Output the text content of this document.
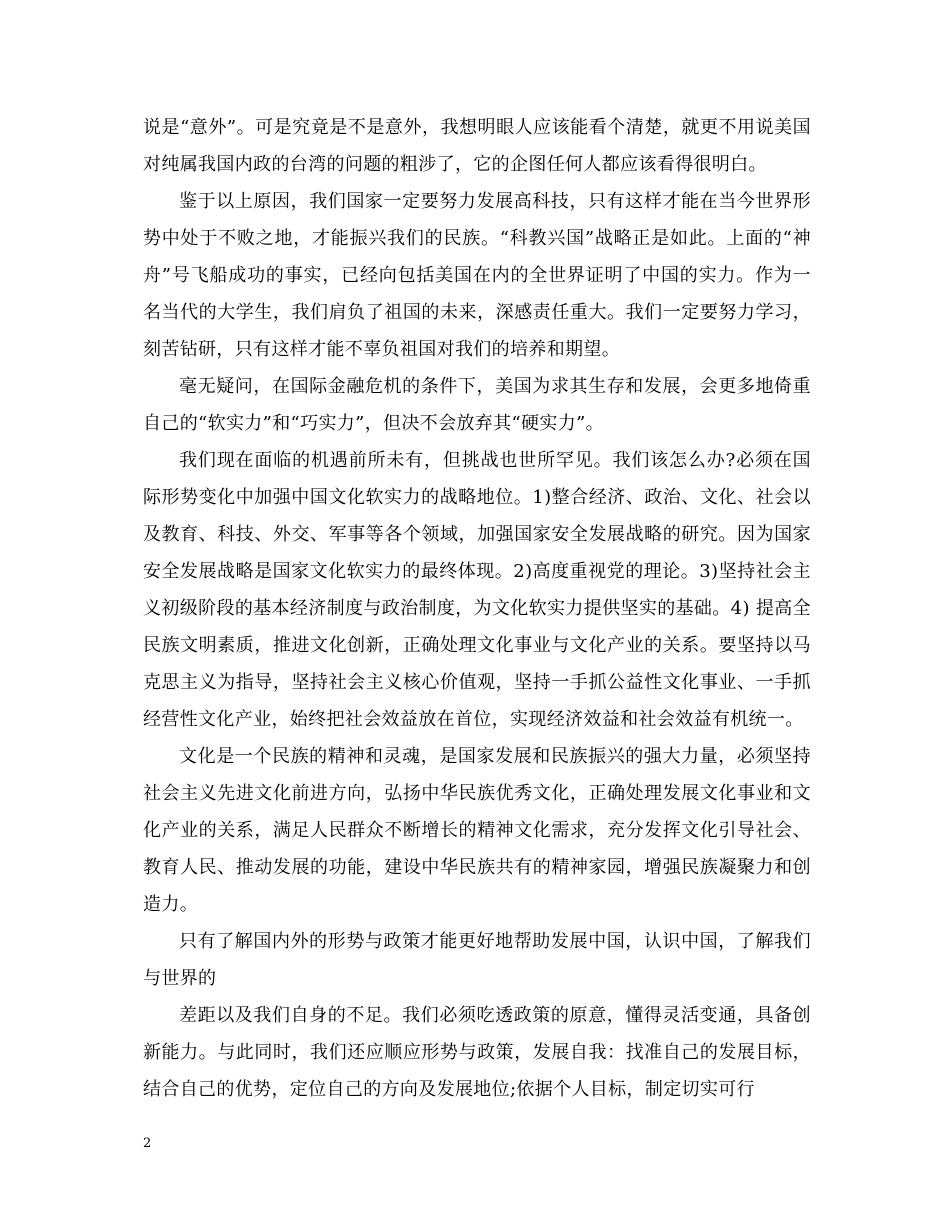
说是“意外”。可是究竟是不是意外，我想明眼人应该能看个清楚，就更不用说美国对纯属我国内政的台湾的问题的粗涉了，它的企图任何人都应该看得很明白。

鉴于以上原因，我们国家一定要努力发展高科技，只有这样才能在当今世界形势中处于不败之地，才能振兴我们的民族。“科教兴国”战略正是如此。上面的“神舟”号飞船成功的事实，已经向包括美国在内的全世界证明了中国的实力。作为一名当代的大学生，我们肩负了祖国的未来，深感责任重大。我们一定要努力学习，刻苦钻研，只有这样才能不辜负祖国对我们的培养和期望。

毫无疑问，在国际金融危机的条件下，美国为求其生存和发展，会更多地倚重自己的“软实力”和“巧实力”，但决不会放弃其“硬实力”。

我们现在面临的机遇前所未有，但挑战也世所罕见。我们该怎么办?必须在国际形势变化中加强中国文化软实力的战略地位。1)整合经济、政治、文化、社会以及教育、科技、外交、军事等各个领域，加强国家安全发展战略的研究。因为国家安全发展战略是国家文化软实力的最终体现。2)高度重视党的理论。3)坚持社会主义初级阶段的基本经济制度与政治制度，为文化软实力提供坚实的基础。4) 提高全民族文明素质，推进文化创新，正确处理文化事业与文化产业的关系。要坚持以马克思主义为指导，坚持社会主义核心价值观，坚持一手抓公益性文化事业、一手抓经营性文化产业，始终把社会效益放在首位，实现经济效益和社会效益有机统一。

文化是一个民族的精神和灵魂，是国家发展和民族振兴的强大力量，必须坚持社会主义先进文化前进方向，弘扬中华民族优秀文化，正确处理发展文化事业和文化产业的关系，满足人民群众不断增长的精神文化需求，充分发挥文化引导社会、教育人民、推动发展的功能，建设中华民族共有的精神家园，增强民族凝聚力和创造力。

只有了解国内外的形势与政策才能更好地帮助发展中国，认识中国，了解我们与世界的

差距以及我们自身的不足。我们必须吃透政策的原意，懂得灵活变通，具备创新能力。与此同时，我们还应顺应形势与政策，发展自我：找准自己的发展目标，结合自己的优势，定位自己的方向及发展地位;依据个人目标，制定切实可行

2
